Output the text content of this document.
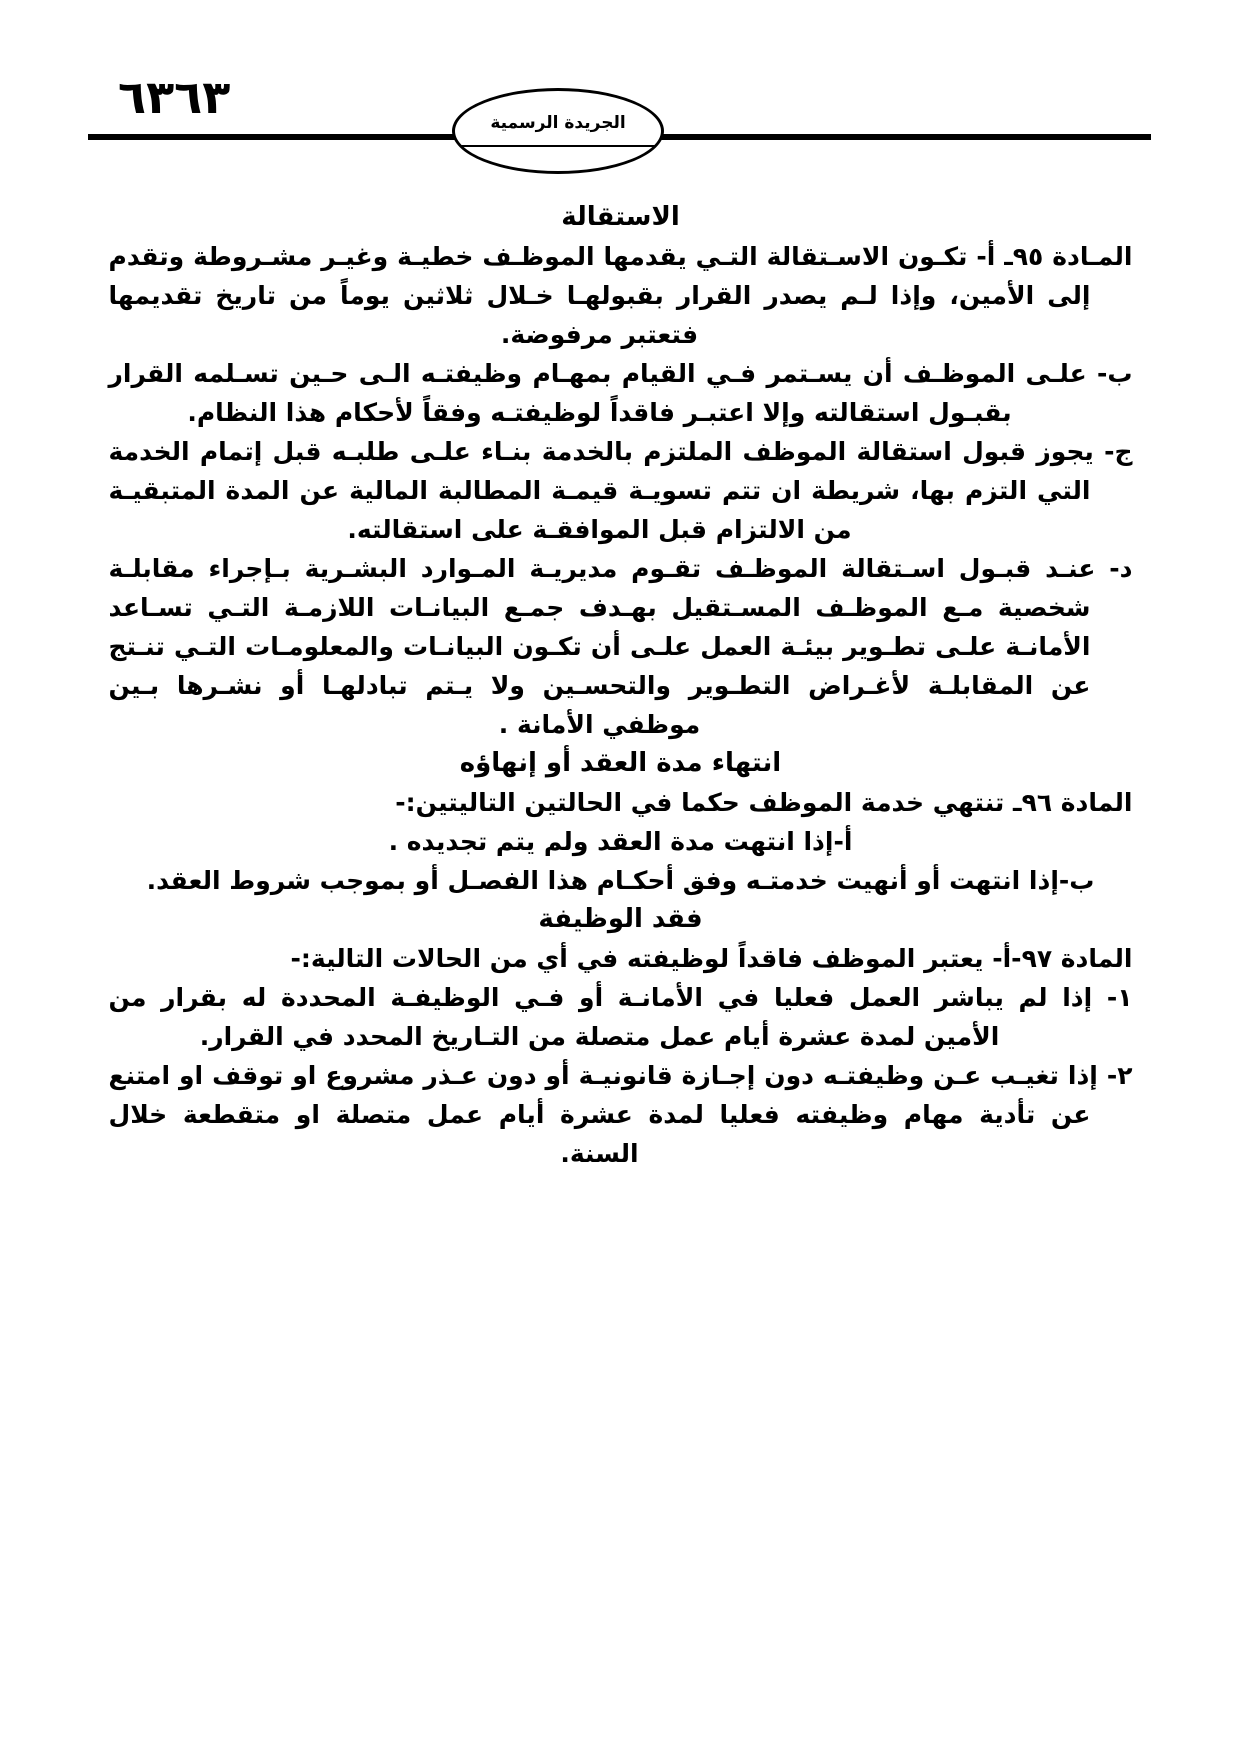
٦٣٦٣	الجريدة الرسمية
الاستقالة

المـادة ٩٥ـ أ- تكـون الاسـتقالة التـي يقدمها الموظـف خطيـة وغيـر مشـروطة وتقدم إلى الأمين، وإذا لـم يصدر القرار بقبولهـا خـلال ثلاثين يوماً من تاريخ تقديمها فتعتبر مرفوضة.

ب- علـى الموظـف أن يسـتمر فـي القيام بمهـام وظيفتـه الـى حـين تسـلمه القرار بقبـول استقالته وإلا اعتبـر فاقداً لوظيفتـه وفقاً لأحكام هذا النظام.

ج- يجوز قبول استقالة الموظف الملتزم بالخدمة بنـاء علـى طلبـه قبل إتمام الخدمة التي التزم بها، شريطة ان تتم تسويـة قيمـة المطالبة المالية عن المدة المتبقيـة من الالتزام قبل الموافقـة على استقالته.

د- عنـد قبـول اسـتقالة الموظـف تقـوم مديريـة المـوارد البشـرية بـإجراء مقابلـة شخصية مـع الموظـف المسـتقيل بهـدف جمـع البيانـات اللازمـة التـي تسـاعد الأمانـة علـى تطـوير بيئـة العمل علـى أن تكـون البيانـات والمعلومـات التـي تنـتج عن المقابلـة لأغـراض التطـوير والتحسـين ولا يـتم تبادلهـا أو نشـرها بـين موظفي الأمانة .

انتهاء مدة العقد أو إنهاؤه

المادة ٩٦ـ تنتهي خدمة الموظف حكما في الحالتين التاليتين:-

أ-إذا انتهت مدة العقد ولم يتم تجديده .

ب-إذا انتهت أو أنهيت خدمتـه وفق أحكـام هذا الفصـل أو بموجب شروط العقد.

فقد الوظيفة

المادة ٩٧-أ- يعتبر الموظف فاقداً لوظيفته في أي من الحالات التالية:-

١- إذا لم يباشر العمل فعليا في الأمانـة أو فـي الوظيفـة المحددة له بقرار من الأمين لمدة عشرة أيام عمل متصلة من التـاريخ المحدد في القرار.

٢- إذا تغيـب عـن وظيفتـه دون إجـازة قانونيـة أو دون عـذر مشروع او توقف او امتنع عن تأدية مهام وظيفته فعليا لمدة عشرة أيام عمل متصلة او متقطعة خلال السنة.
